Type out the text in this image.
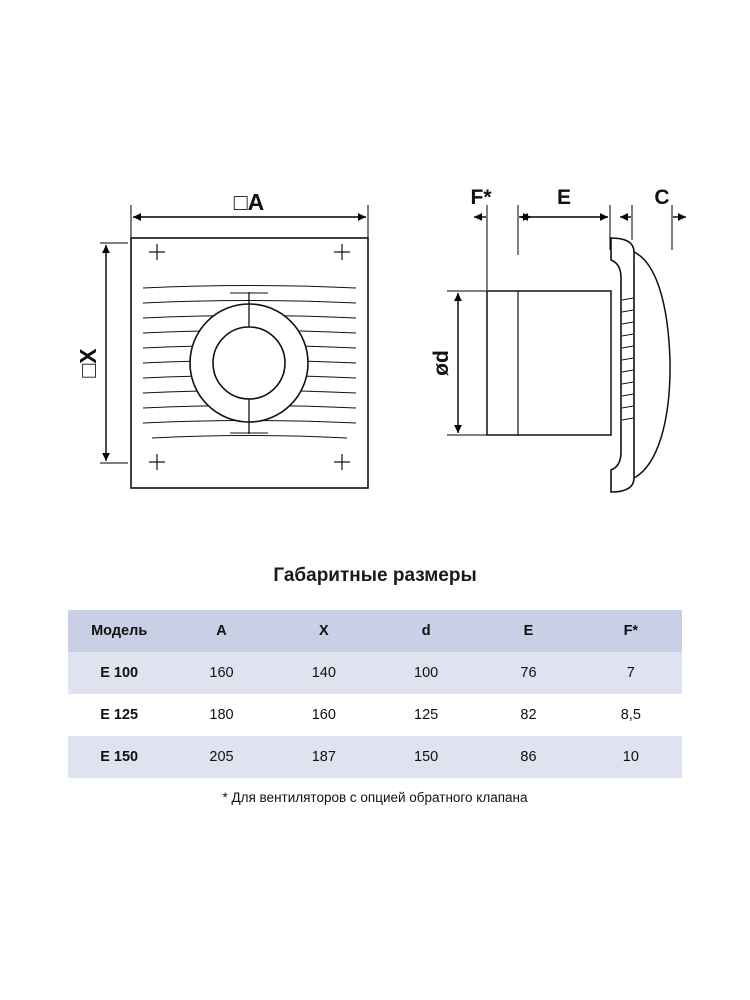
□A
□X
F*	E	C
ød
Габаритные размеры
Модель	A	X	d	E	F*
E 100	160	140	100	76	7
E 125	180	160	125	82	8,5
E 150	205	187	150	86	10
* Для вентиляторов с опцией обратного клапана
